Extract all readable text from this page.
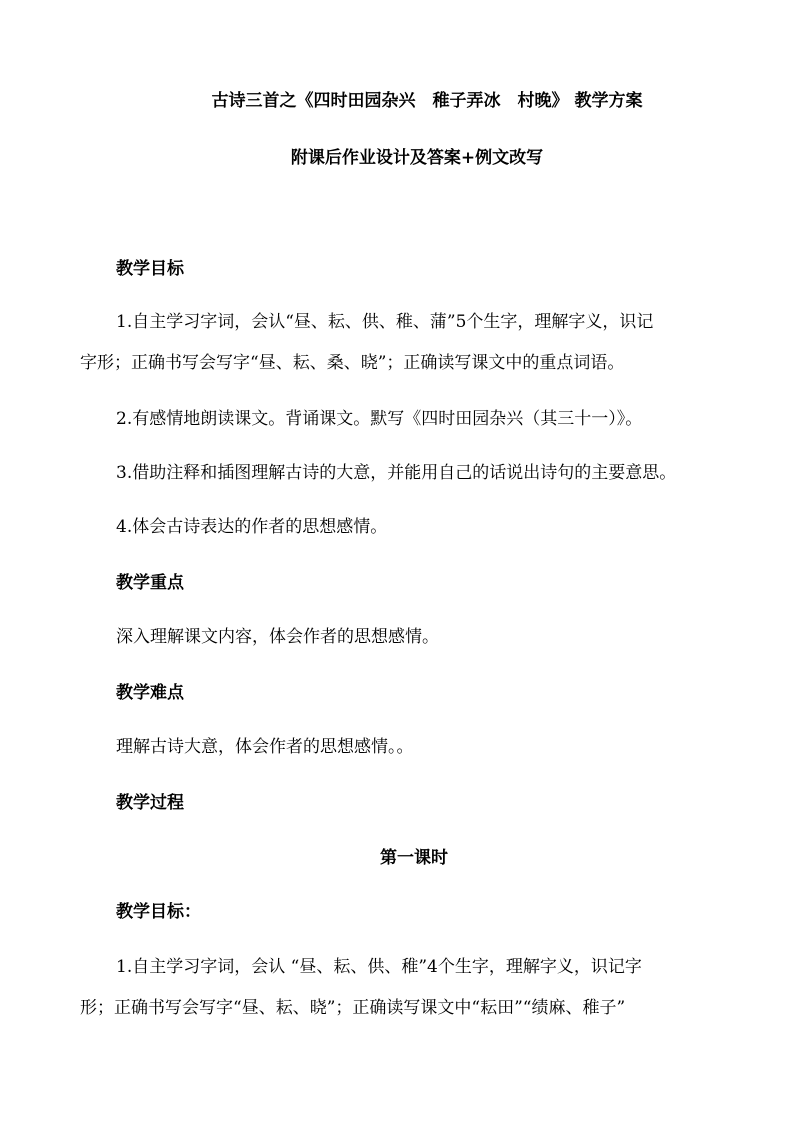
古诗三首之《四时田园杂兴　稚子弄冰　村晚》 教学方案
附课后作业设计及答案+例文改写
教学目标
1.自主学习字词，会认“昼、耘、供、稚、蒲”5个生字，理解字义，识记
字形；正确书写会写字“昼、耘、桑、晓”；正确读写课文中的重点词语。
2.有感情地朗读课文。背诵课文。默写《四时田园杂兴（其三十一）》。
3.借助注释和插图理解古诗的大意，并能用自己的话说出诗句的主要意思。
4.体会古诗表达的作者的思想感情。
教学重点
深入理解课文内容，体会作者的思想感情。
教学难点
理解古诗大意，体会作者的思想感情。。
教学过程
第一课时
教学目标：
1.自主学习字词，会认 “昼、耘、供、稚”4个生字，理解字义，识记字
形；正确书写会写字“昼、耘、晓”；正确读写课文中“耘田”“绩麻、稚子”
